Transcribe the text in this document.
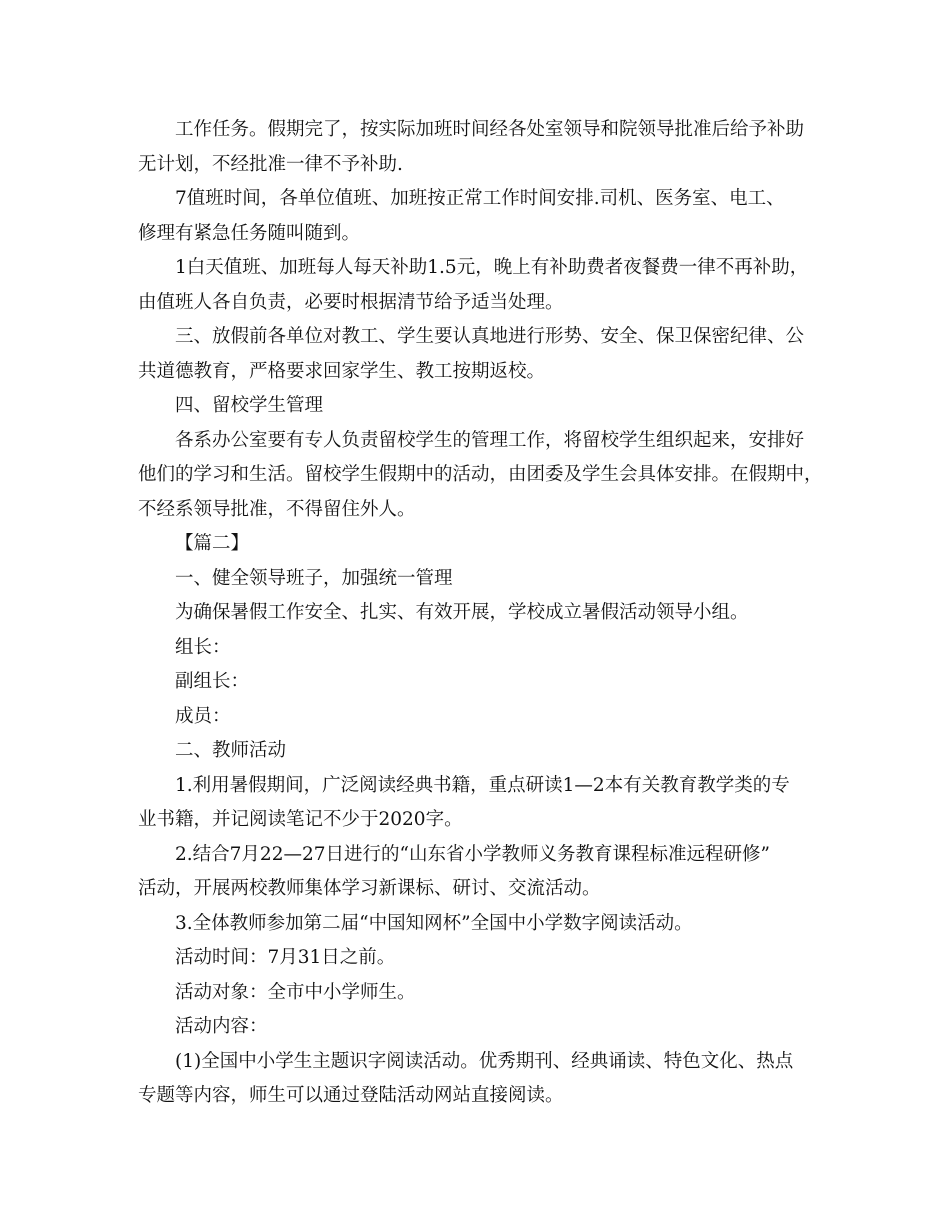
工作任务。假期完了，按实际加班时间经各处室领导和院领导批准后给予补助

无计划，不经批准一律不予补助.

7值班时间，各单位值班、加班按正常工作时间安排.司机、医务室、电工、

修理有紧急任务随叫随到。

1白天值班、加班每人每天补助1.5元，晚上有补助费者夜餐费一律不再补助，

由值班人各自负责，必要时根据清节给予适当处理。

三、放假前各单位对教工、学生要认真地进行形势、安全、保卫保密纪律、公

共道德教育，严格要求回家学生、教工按期返校。

四、留校学生管理

各系办公室要有专人负责留校学生的管理工作，将留校学生组织起来，安排好

他们的学习和生活。留校学生假期中的活动，由团委及学生会具体安排。在假期中，

不经系领导批准，不得留住外人。

【篇二】

一、健全领导班子，加强统一管理

为确保暑假工作安全、扎实、有效开展，学校成立暑假活动领导小组。

组长：

副组长：

成员：

二、教师活动

1.利用暑假期间，广泛阅读经典书籍，重点研读1—2本有关教育教学类的专

业书籍，并记阅读笔记不少于2020字。

2.结合7月22—27日进行的“山东省小学教师义务教育课程标准远程研修”

活动，开展两校教师集体学习新课标、研讨、交流活动。

3.全体教师参加第二届“中国知网杯”全国中小学数字阅读活动。

活动时间：7月31日之前。

活动对象：全市中小学师生。

活动内容：

(1)全国中小学生主题识字阅读活动。优秀期刊、经典诵读、特色文化、热点

专题等内容，师生可以通过登陆活动网站直接阅读。
